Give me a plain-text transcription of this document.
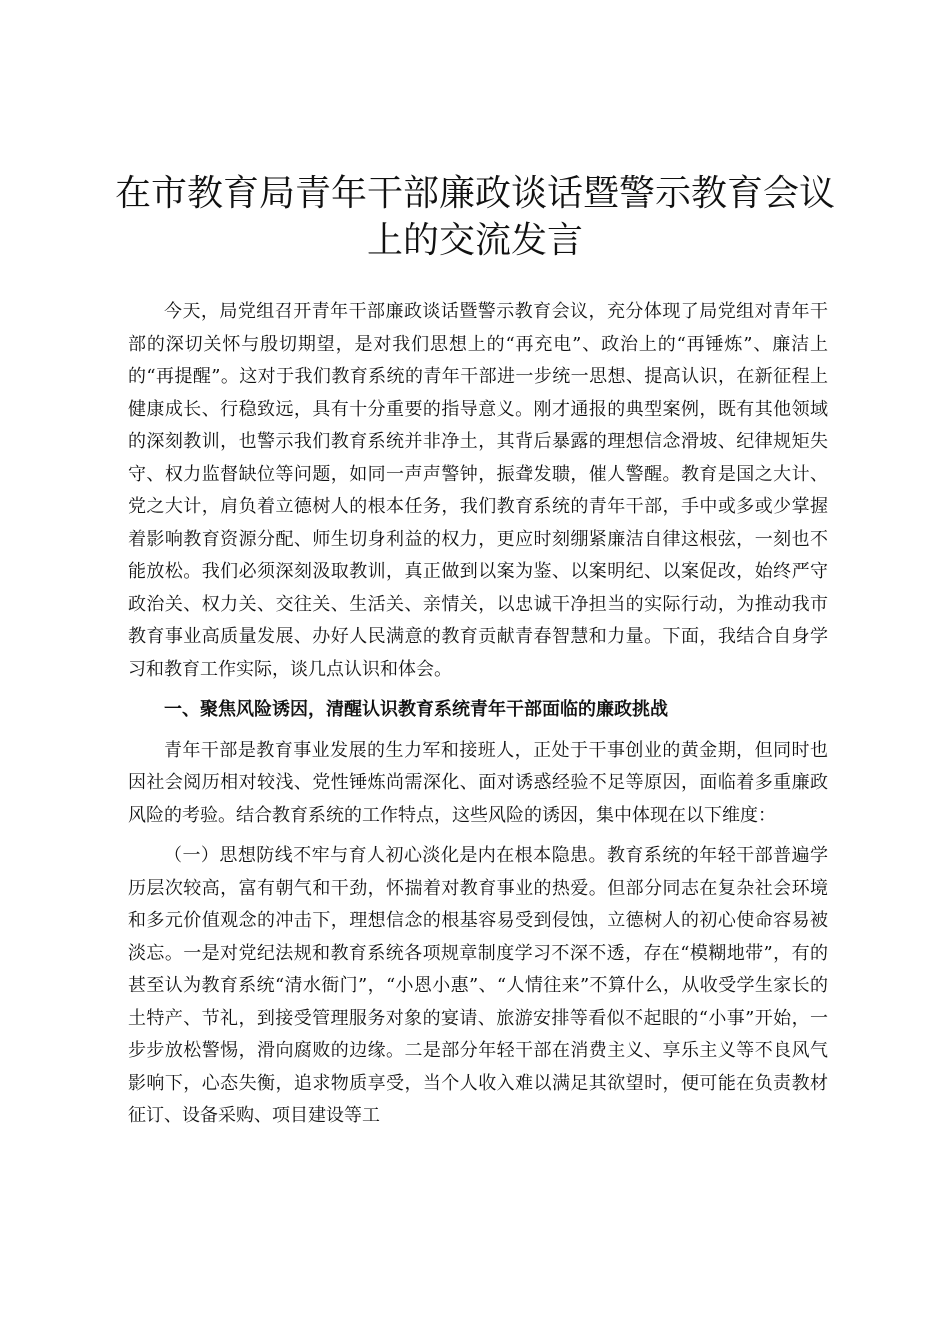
在市教育局青年干部廉政谈话暨警示教育会议上的交流发言

今天，局党组召开青年干部廉政谈话暨警示教育会议，充分体现了局党组对青年干部的深切关怀与殷切期望，是对我们思想上的“再充电”、政治上的“再锤炼”、廉洁上的“再提醒”。这对于我们教育系统的青年干部进一步统一思想、提高认识，在新征程上健康成长、行稳致远，具有十分重要的指导意义。刚才通报的典型案例，既有其他领域的深刻教训，也警示我们教育系统并非净土，其背后暴露的理想信念滑坡、纪律规矩失守、权力监督缺位等问题，如同一声声警钟，振聋发聩，催人警醒。教育是国之大计、党之大计，肩负着立德树人的根本任务，我们教育系统的青年干部，手中或多或少掌握着影响教育资源分配、师生切身利益的权力，更应时刻绷紧廉洁自律这根弦，一刻也不能放松。我们必须深刻汲取教训，真正做到以案为鉴、以案明纪、以案促改，始终严守政治关、权力关、交往关、生活关、亲情关，以忠诚干净担当的实际行动，为推动我市教育事业高质量发展、办好人民满意的教育贡献青春智慧和力量。下面，我结合自身学习和教育工作实际，谈几点认识和体会。

一、聚焦风险诱因，清醒认识教育系统青年干部面临的廉政挑战

青年干部是教育事业发展的生力军和接班人，正处于干事创业的黄金期，但同时也因社会阅历相对较浅、党性锤炼尚需深化、面对诱惑经验不足等原因，面临着多重廉政风险的考验。结合教育系统的工作特点，这些风险的诱因，集中体现在以下维度：

（一）思想防线不牢与育人初心淡化是内在根本隐患。教育系统的年轻干部普遍学历层次较高，富有朝气和干劲，怀揣着对教育事业的热爱。但部分同志在复杂社会环境和多元价值观念的冲击下，理想信念的根基容易受到侵蚀，立德树人的初心使命容易被淡忘。一是对党纪法规和教育系统各项规章制度学习不深不透，存在“模糊地带”，有的甚至认为教育系统“清水衙门”，“小恩小惠”、“人情往来”不算什么，从收受学生家长的土特产、节礼，到接受管理服务对象的宴请、旅游安排等看似不起眼的“小事”开始，一步步放松警惕，滑向腐败的边缘。二是部分年轻干部在消费主义、享乐主义等不良风气影响下，心态失衡，追求物质享受，当个人收入难以满足其欲望时，便可能在负责教材征订、设备采购、项目建设等工
